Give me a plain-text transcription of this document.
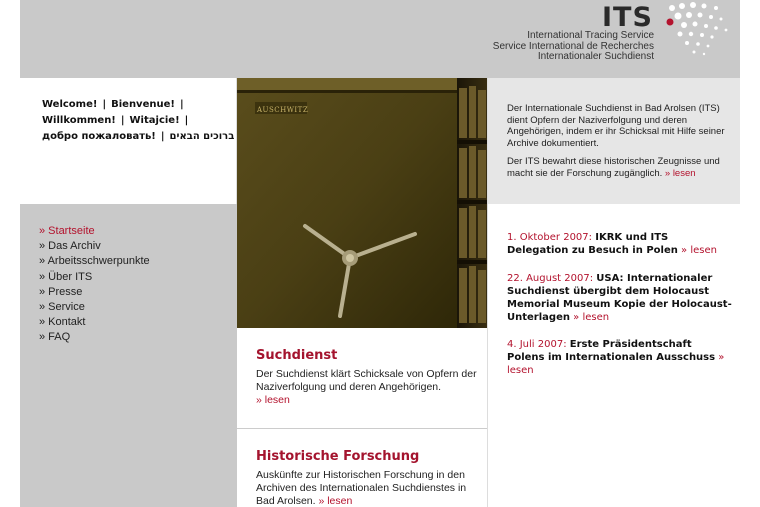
ITS
International Tracing Service
Service International de Recherches
Internationaler Suchdienst
Welcome! | Bienvenue! |
Willkommen! | Witajcie! |
добро пожаловать! | ברוכים הבאים
» Startseite
» Das Archiv
» Arbeitsschwerpunkte
» Über ITS
» Presse
» Service
» Kontakt
» FAQ
AUSCHWITZ
Suchdienst
Der Suchdienst klärt Schicksale von Opfern der Naziverfolgung und deren Angehörigen.
» lesen
Historische Forschung
Auskünfte zur Historischen Forschung in den Archiven des Internationalen Suchdienstes in Bad Arolsen. » lesen

Der Internationale Suchdienst in Bad Arolsen (ITS) dient Opfern der Naziverfolgung und deren Angehörigen, indem er ihr Schicksal mit Hilfe seiner Archive dokumentiert.

Der ITS bewahrt diese historischen Zeugnisse und macht sie der Forschung zugänglich. » lesen

1. Oktober 2007: IKRK und ITS Delegation zu Besuch in Polen » lesen
22. August 2007: USA: Internationaler Suchdienst übergibt dem Holocaust Memorial Museum Kopie der Holocaust-Unterlagen » lesen
4. Juli 2007: Erste Präsidentschaft Polens im Internationalen Ausschuss » lesen
